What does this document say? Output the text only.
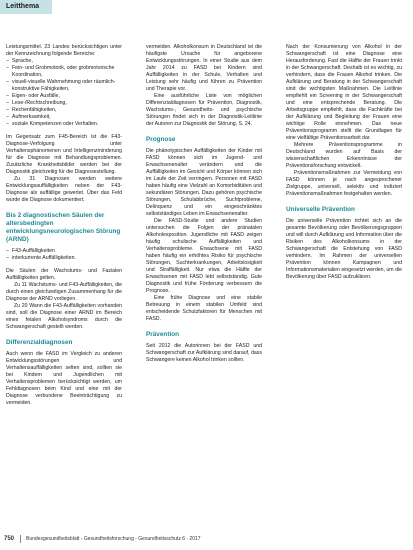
Leitthema

Leistungsmittel. 23 Landes berücksichtigen unter der Kennzeichnung folgende Bereiche:

– Sprache,
– Fein- und Grobmotorik, oder grobmotorische Koordination,
– visuell-visuelle Wahrnehmung oder räumlich-konstruktive Fähigkeiten,
– Eigen- oder Ausfälle,
– Lese-/Rechtschreibung,
– Rechenfähigkeiten,
– Aufmerksamkeit,
– soziale Kompetenzen oder Verhalten.

Im Gegensatz zum F45-Bereich ist die F43-Diagnose-Verfolgung unter Verhaltensphänomenen und Intelligenzminderung für die Diagnose mit Behandlungsproblemen. Zusätzliche Krankheitsbilder werden bei der Diagnostik gleichzeitig für die Diagnosestellung.

Zu 31 Diagnosen werden weitere Entwicklungsauffälligkeiten neben der F43-Diagnose als auffällige gewertet. Über das Feld wurde die Diagnose dokumentiert.

Bis 2 diagnostischen Säulen der altersbedingten entwicklungsneurologischen Störung (ARND)
– F43-Auffälligkeiten
– interkurrente Auffälligkeiten.

Die Säulen der Wachstums- und Fazialen Auffälligkeiten gelten.

Zu 11 Wachstums- und F43-Auffälligkeiten, die durch einen gleichzeitigen Zusammenhang für die Diagnose der ARND vorliegen.

Zu 20 Wann die F43-Auffälligkeiten vorhanden sind, soll die Diagnose einer ARND im Bereich eines fetalen Alkoholsyndroms durch die Schwangerschaft gestellt werden.

Differenzialdiagnosen

Auch wenn die FASD im Vergleich zu anderen Entwicklungsstörungen und Verhaltensauffälligkeiten selten sind, sollten sie bei Kindern und Jugendlichen mit Verhaltensproblemen berücksichtigt werden, um Fehldiagnosen beim Kind und eine mit der Diagnose verbundene Beeinträchtigung zu vermeiden.

vermeiden. Alkoholkonsum in Deutschland ist die häufigste Ursache für angeborene Entwicklungsstörungen. In einer Studie aus dem Jahr 2014 zu FASD bei Kindern sind Auffälligkeiten in der Schule, Verhalten und Leistung sehr häufig und führen zu Prävention und Therapie vor.

Eine ausführliche Liste von möglichen Differenzialdiagnosen für Prävention, Diagnostik, Wachstums-, Gesundheits- und psychische Störungen findet sich in der Diagnostik-Leitlinie der Autoren zur Diagnostik der Störung, S. 24.

Prognose

Die phänotypischen Auffälligkeiten der Kinder mit FASD können sich im Jugend- und Erwachsenenalter verändern und die Auffälligkeiten im Gesicht und Körper können sich im Laufe der Zeit verringern. Personen mit FASD haben häufig eine Vielzahl an Komorbiditäten und sekundären Störungen. Dazu gehören psychische Störungen, Schulabbrüche, Suchtprobleme, Delinquenz und ein eingeschränktes selbstständiges Leben im Erwachsenenalter.

Die FASD-Studie und andere Studien untersuchen die Folgen der pränatalen Alkoholexposition. Jugendliche mit FASD zeigen häufig schulische Auffälligkeiten und Verhaltensprobleme. Erwachsene mit FASD haben häufig ein erhöhtes Risiko für psychische Störungen, Suchterkrankungen, Arbeitslosigkeit und Straffälligkeit. Nur etwa die Hälfte der Erwachsenen mit FASD lebt selbstständig. Gute Diagnostik und frühe Förderung verbessern die Prognose.

Eine frühe Diagnose und eine stabile Betreuung in einem stabilen Umfeld sind entscheidende Schutzfaktoren für Menschen mit FASD.

Prävention

Seit 2012 die Autorinnen bei der FASD und Schwangerschaft zur Aufklärung sind darauf, dass Schwangere keinen Alkohol trinken sollten.

Nach der Konsumierung von Alkohol in der Schwangerschaft ist eine Diagnose eine Herausforderung. Fast die Hälfte der Frauen trinkt in der Schwangerschaft. Deshalb ist es wichtig, zu verhindern, dass die Frauen Alkohol trinken. Die Aufklärung und Beratung in der Schwangerschaft sind die wichtigsten Maßnahmen. Die Leitlinie empfiehlt ein Screening in der Schwangerschaft und eine entsprechende Beratung. Die Arbeitsgruppe empfiehlt, dass die Fachkräfte bei der Aufklärung und Begleitung der Frauen eine wichtige Rolle einnehmen. Das neue Präventionsprogramm stellt die Grundlagen für eine vielfältige Präventionsarbeit dar.

Mehrere Präventionsprogramme in Deutschland wurden auf Basis der wissenschaftlichen Erkenntnisse der Präventionsforschung entwickelt.

Präventionsmaßnahmen zur Vermeidung von FASD können je nach angesprochener Zielgruppe, universell, selektiv und indiziert Präventionsmaßnahmen festgehalten werden.

Universelle Prävention

Die universelle Prävention richtet sich an die gesamte Bevölkerung oder Bevölkerungsgruppen und will durch Aufklärung und Information über die Risiken des Alkoholkonsums in der Schwangerschaft die Entstehung von FASD verhindern. Im Rahmen der universellen Prävention können Kampagnen und Informationsmaterialien eingesetzt werden, um die Bevölkerung über FASD aufzuklären.

750 Bundesgesundheitsblatt - Gesundheitsforschung - Gesundheitsschutz 6 · 2017
